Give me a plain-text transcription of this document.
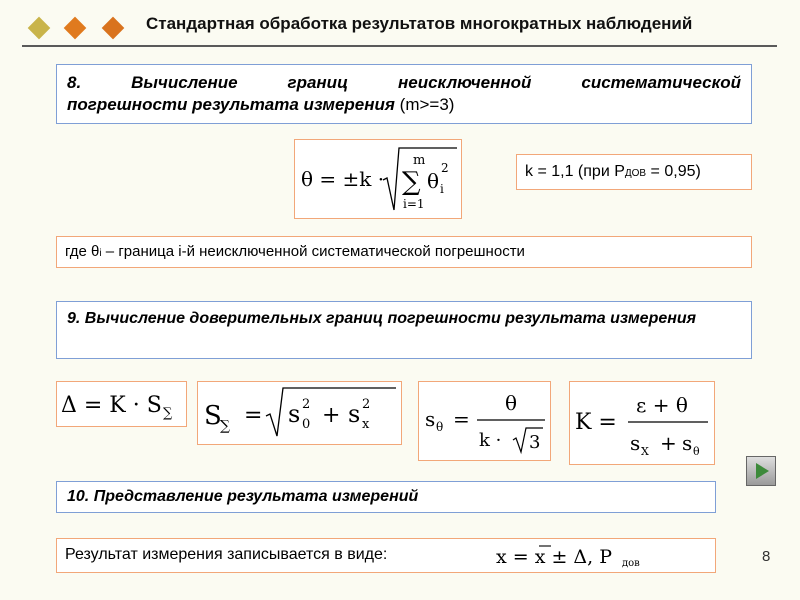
Стандартная обработка результатов многократных наблюдений
8.	Вычисление	границ	неисключенной	систематической
погрешности результата измерения (m>=3)
θ = ±k ·
m
∑
i=1
θ i
2	k = 1,1 (при PДОВ = 0,95)
где θi – граница i-й неисключенной систематической погрешности
9. Вычисление доверительных границ погрешности результата измерения
Δ = K · S ∑ S
∑ = s 0
2 + s x
2
s θ =
θ
k · 3
K =
ε + θ
s X + s θ
10. Представление результата измерений
Результат измерения записывается в виде:	x = x ± Δ, P дов	8
